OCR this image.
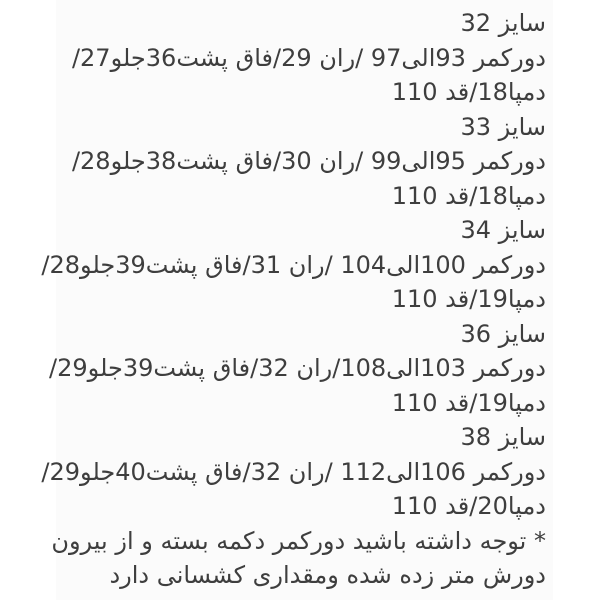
سایز 32
دورکمر 93الی97 /ران 29/فاق پشت36جلو27/
دمپا18/قد 110
سایز 33
دورکمر 95الی99 /ران 30/فاق پشت38جلو28/
دمپا18/قد 110
سایز 34
دورکمر 100الی104 /ران 31/فاق پشت39جلو28/
دمپا19/قد 110
سایز 36
دورکمر 103الی108/ران 32/فاق پشت39جلو29/
دمپا19/قد 110
سایز 38
دورکمر 106الی112 /ران 32/فاق پشت40جلو29/
دمپا20/قد 110
* توجه داشته باشید دورکمر دکمه بسته و از بیرون
دورش متر زده شده ومقداری کشسانی دارد
